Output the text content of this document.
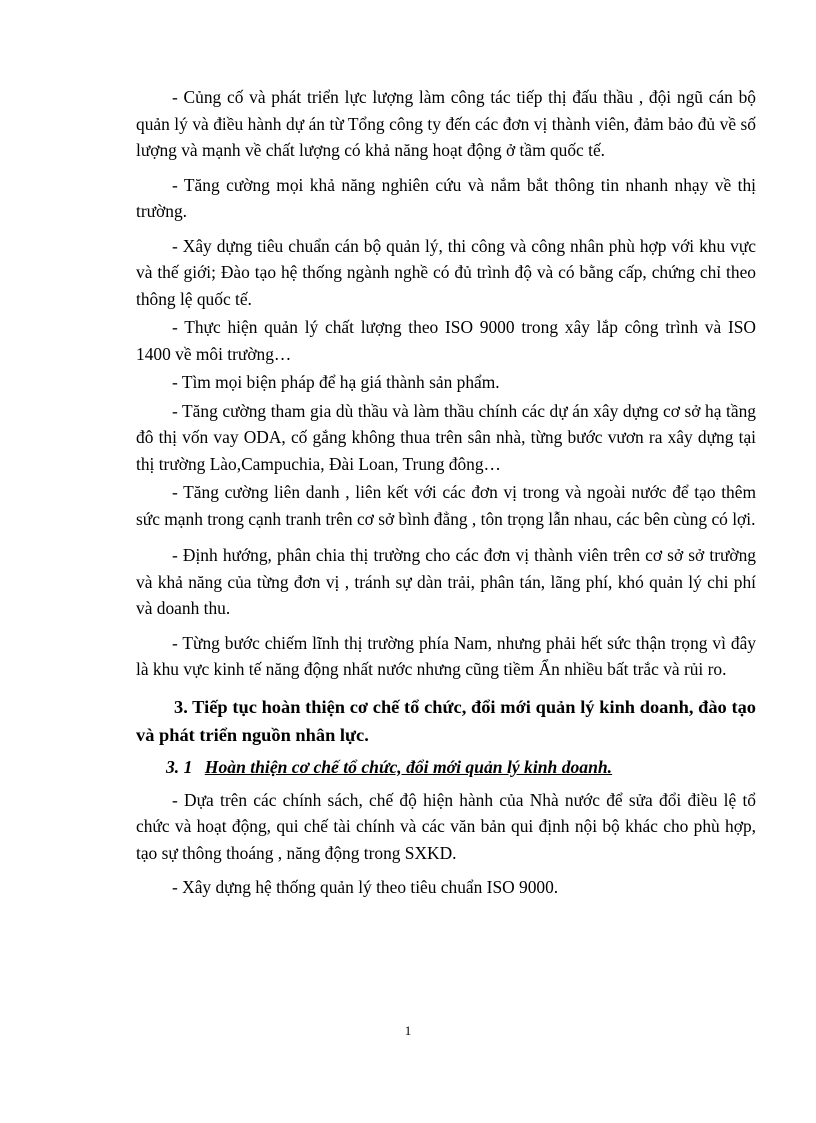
- Củng cố và phát triển lực lượng làm công tác tiếp thị đấu thầu , đội ngũ cán bộ quản lý và điều hành dự án từ Tổng công ty đến các đơn vị thành viên, đảm bảo đủ về số lượng và mạnh về chất lượng có khả năng hoạt động ở tầm quốc tế.

- Tăng cường mọi khả năng nghiên cứu và nắm bắt thông tin nhanh nhạy về thị trường.

- Xây dựng tiêu chuẩn cán bộ quản lý, thi công và công nhân phù hợp với khu vực và thế giới; Đào tạo hệ thống ngành nghề có đủ trình độ và có bằng cấp, chứng chỉ theo thông lệ quốc tế.

- Thực hiện quản lý chất lượng theo ISO 9000 trong xây lắp công trình và ISO 1400 về môi trường…

- Tìm mọi biện pháp để hạ giá thành sản phẩm.

- Tăng cường tham gia dù thầu và làm thầu chính các dự án xây dựng cơ sở hạ tầng đô thị vốn vay ODA, cố gắng không thua trên sân nhà, từng bước vươn ra xây dựng tại thị trường Lào,Campuchia, Đài Loan, Trung đông…

- Tăng cường liên danh , liên kết với các đơn vị trong và ngoài nước để tạo thêm sức mạnh trong cạnh tranh trên cơ sở bình đẳng , tôn trọng lẫn nhau, các bên cùng có lợi.

- Định hướng, phân chia thị trường cho các đơn vị thành viên trên cơ sở sở trường và khả năng của từng đơn vị , tránh sự dàn trải, phân tán, lãng phí, khó quản lý chi phí và doanh thu.

- Từng bước chiếm lĩnh thị trường phía Nam, nhưng phải hết sức thận trọng vì đây là khu vực kinh tế năng động nhất nước nhưng cũng tiềm Ẩn nhiều bất trắc và rủi ro.

3. Tiếp tục hoàn thiện cơ chế tổ chức, đổi mới quản lý kinh doanh, đào tạo và phát triển nguồn nhân lực.

3. 1 Hoàn thiện cơ chế tổ chức, đổi mới quản lý kinh doanh.

- Dựa trên các chính sách, chế độ hiện hành của Nhà nước để sửa đổi điều lệ tổ chức và hoạt động, qui chế tài chính và các văn bản qui định nội bộ khác cho phù hợp, tạo sự thông thoáng , năng động trong SXKD.

- Xây dựng hệ thống quản lý theo tiêu chuẩn ISO 9000.

1
